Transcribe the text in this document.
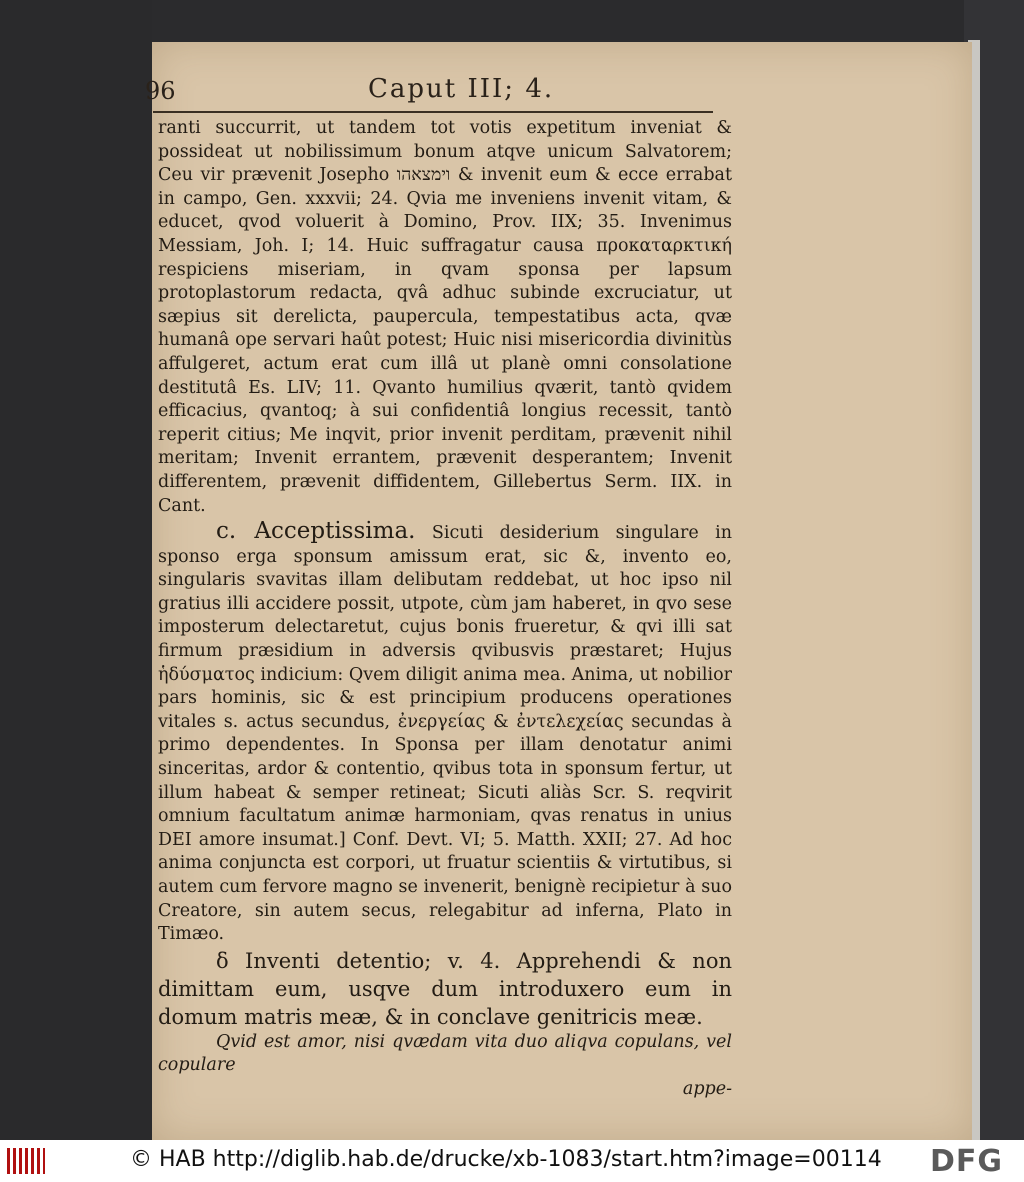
96	Caput III; 4.

ranti succurrit, ut tandem tot votis expetitum inveniat & possideat ut nobilissimum bonum atqve unicum Salvatorem; Ceu vir prævenit Josepho וימצאהו & invenit eum & ecce errabat in campo, Gen. xxxvii; 24. Qvia me inveniens invenit vitam, & educet, qvod voluerit à Domino, Prov. IIX; 35. Invenimus Messiam, Joh. I; 14. Huic suffragatur causa προκαταρκτική respiciens miseriam, in qvam sponsa per lapsum protoplastorum redacta, qvâ adhuc subinde excruciatur, ut sæpius sit derelicta, paupercula, tempestatibus acta, qvæ humanâ ope servari haût potest; Huic nisi misericordia divinitùs affulgeret, actum erat cum illâ ut planè omni consolatione destitutâ Es. LIV; 11. Qvanto humilius qværit, tantò qvidem efficacius, qvantoq; à sui confidentiâ longius recessit, tantò reperit citius; Me inqvit, prior invenit perditam, prævenit nihil meritam; Invenit errantem, prævenit desperantem; Invenit differentem, prævenit diffidentem, Gillebertus Serm. IIX. in Cant.

c. Acceptissima. Sicuti desiderium singulare in sponso erga sponsum amissum erat, sic &, invento eo, singularis svavitas illam delibutam reddebat, ut hoc ipso nil gratius illi accidere possit, utpote, cùm jam haberet, in qvo sese imposterum delectaretut, cujus bonis frueretur, & qvi illi sat firmum præsidium in adversis qvibusvis præstaret; Hujus ἡδύσματος indicium: Qvem diligit anima mea. Anima, ut nobilior pars hominis, sic & est principium producens operationes vitales s. actus secundus, ἐνεργείας & ἐντελεχείας secundas à primo dependentes. In Sponsa per illam denotatur animi sinceritas, ardor & contentio, qvibus tota in sponsum fertur, ut illum habeat & semper retineat; Sicuti aliàs Scr. S. reqvirit omnium facultatum animæ harmoniam, qvas renatus in unius DEI amore insumat.] Conf. Devt. VI; 5. Matth. XXII; 27. Ad hoc anima conjuncta est corpori, ut fruatur scientiis & virtutibus, si autem cum fervore magno se invenerit, benignè recipietur à suo Creatore, sin autem secus, relegabitur ad inferna, Plato in Timæo.

δ Inventi detentio; v. 4. Apprehendi & non dimittam eum, usqve dum introduxero eum in domum matris meæ, & in conclave genitricis meæ.

Qvid est amor, nisi qvædam vita duo aliqva copulans, vel copulare

appe-

© HAB http://diglib.hab.de/drucke/xb-1083/start.htm?image=00114 DFG
